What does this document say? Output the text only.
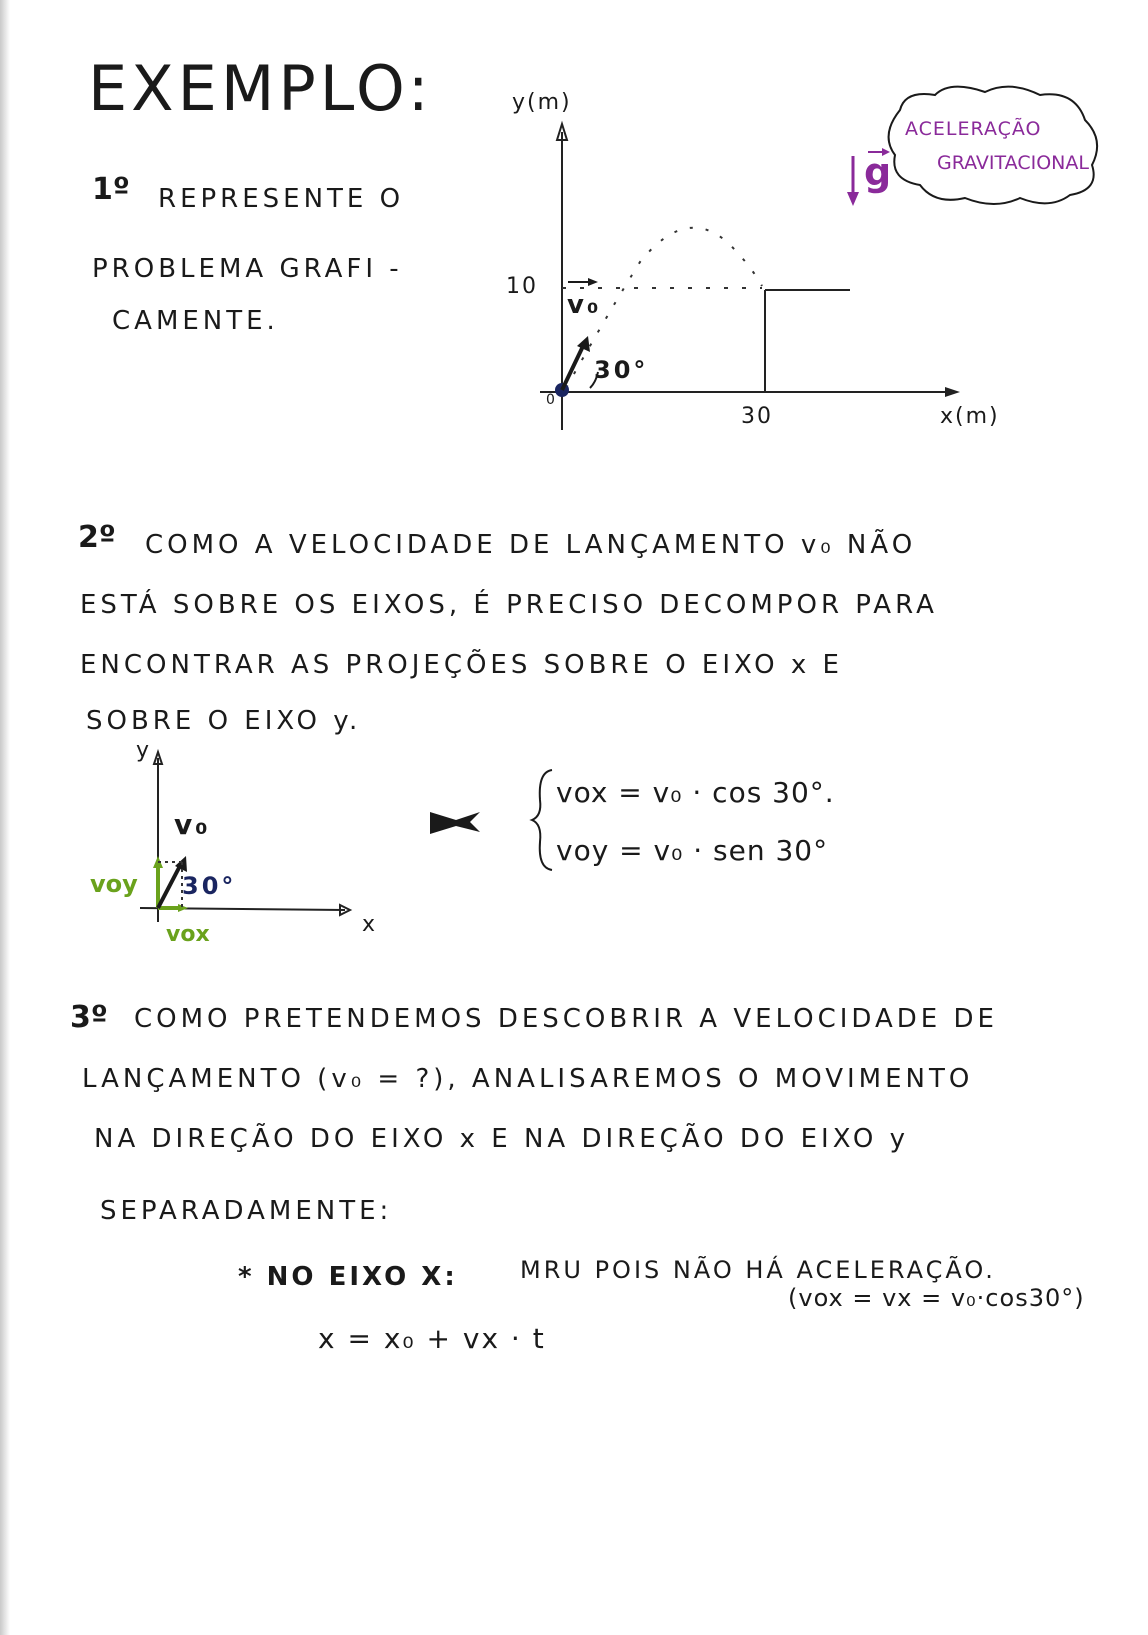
EXEMPLO:
1º REPRESENTE O
PROBLEMA GRAFI -
CAMENTE.
y(m)
x(m)
10
30
0
v₀
30°
g
ACELERAÇÃO
GRAVITACIONAL
2º COMO A VELOCIDADE DE LANÇAMENTO v₀ NÃO
ESTÁ SOBRE OS EIXOS, É PRECISO DECOMPOR PARA
ENCONTRAR AS PROJEÇÕES SOBRE O EIXO x E
SOBRE O EIXO y.
y
x
v₀
30°
voy
vox
vox = v₀ · cos 30°.
voy = v₀ · sen 30°
3º COMO PRETENDEMOS DESCOBRIR A VELOCIDADE DE
LANÇAMENTO (v₀ = ?), ANALISAREMOS O MOVIMENTO
NA DIREÇÃO DO EIXO x E NA DIREÇÃO DO EIXO y
SEPARADAMENTE:
* NO EIXO X:	MRU POIS NÃO HÁ ACELERAÇÃO.
(vox = vx = v₀·cos30°)
x = x₀ + vx · t
